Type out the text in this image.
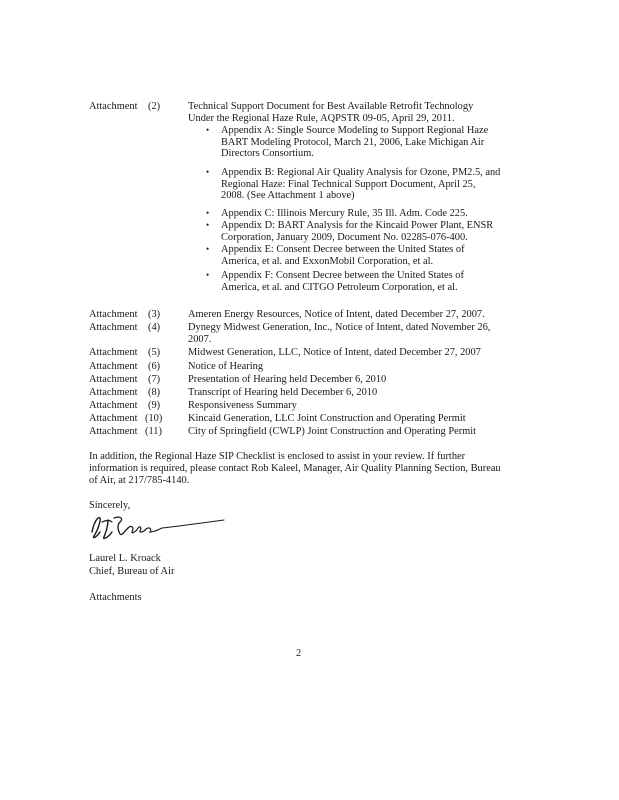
Attachment (2)	Technical Support Document for Best Available Retrofit Technology
Under the Regional Haze Rule, AQPSTR 09-05, April 29, 2011.
• Appendix A: Single Source Modeling to Support Regional Haze
BART Modeling Protocol, March 21, 2006, Lake Michigan Air
Directors Consortium.
• Appendix B: Regional Air Quality Analysis for Ozone, PM2.5, and
Regional Haze: Final Technical Support Document, April 25,
2008. (See Attachment 1 above)
• Appendix C: Illinois Mercury Rule, 35 Ill. Adm. Code 225.
• Appendix D: BART Analysis for the Kincaid Power Plant, ENSR
Corporation, January 2009, Document No. 02285-076-400.
• Appendix E: Consent Decree between the United States of
America, et al. and ExxonMobil Corporation, et al.
• Appendix F: Consent Decree between the United States of
America, et al. and CITGO Petroleum Corporation, et al.
Attachment (3)	Ameren Energy Resources, Notice of Intent, dated December 27, 2007.
Attachment (4)	Dynegy Midwest Generation, Inc., Notice of Intent, dated November 26,
2007.
Attachment (5)	Midwest Generation, LLC, Notice of Intent, dated December 27, 2007
Attachment (6)	Notice of Hearing
Attachment (7)	Presentation of Hearing held December 6, 2010
Attachment (8)	Transcript of Hearing held December 6, 2010
Attachment (9)	Responsiveness Summary
Attachment (10) Kincaid Generation, LLC Joint Construction and Operating Permit
Attachment (11)	City of Springfield (CWLP) Joint Construction and Operating Permit
In addition, the Regional Haze SIP Checklist is enclosed to assist in your review. If further
information is required, please contact Rob Kaleel, Manager, Air Quality Planning Section, Bureau
of Air, at 217/785-4140.
Sincerely,
Laurel L. Kroack
Chief, Bureau of Air
Attachments
2
